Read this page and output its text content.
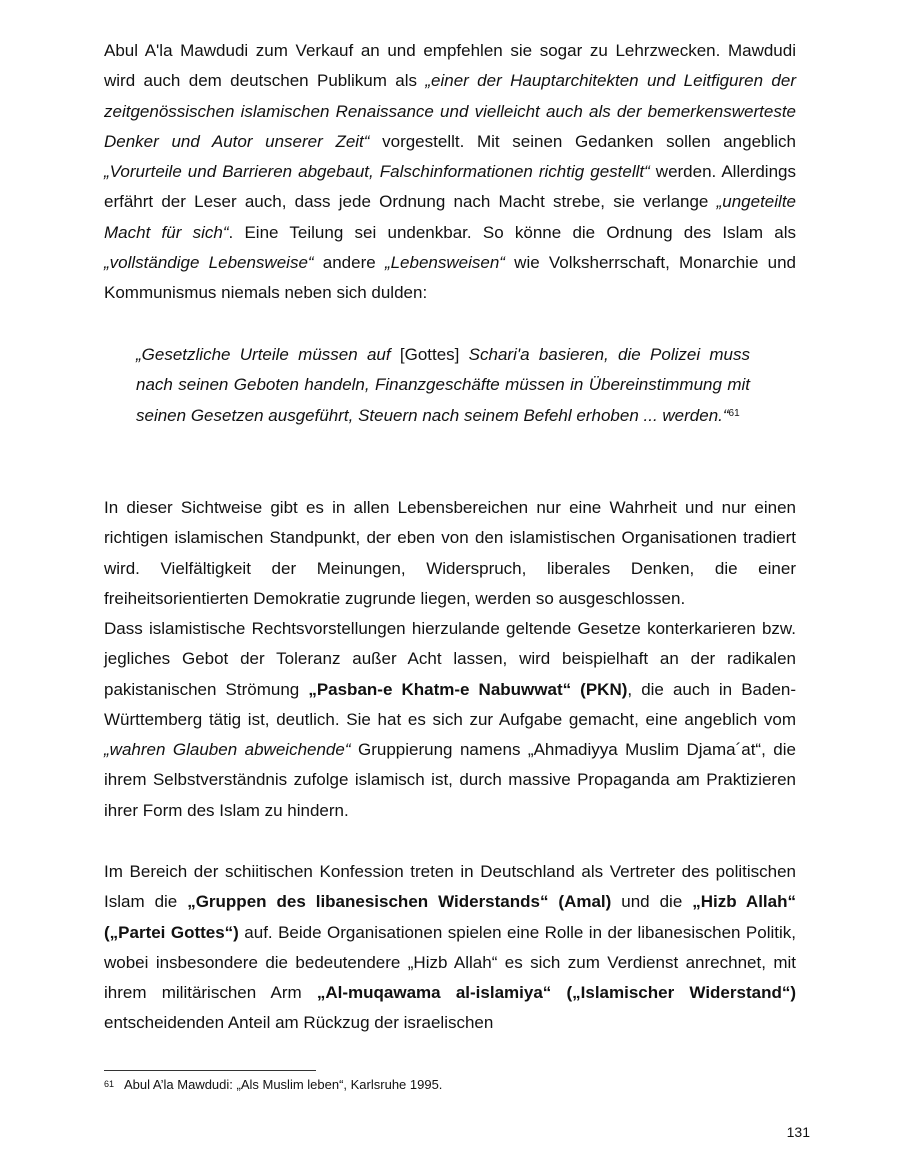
Abul A'la Mawdudi zum Verkauf an und empfehlen sie sogar zu Lehrzwecken. Mawdudi wird auch dem deutschen Publikum als „einer der Hauptarchitekten und Leitfiguren der zeitgenössischen islamischen Renaissance und vielleicht auch als der bemerkenswerteste Denker und Autor unserer Zeit“ vorgestellt. Mit seinen Gedanken sollen angeblich „Vorurteile und Barrieren abgebaut, Falschinformationen richtig gestellt“ werden. Allerdings erfährt der Leser auch, dass jede Ordnung nach Macht strebe, sie verlange „ungeteilte Macht für sich“. Eine Teilung sei undenkbar. So könne die Ordnung des Islam als „vollständige Lebensweise“ andere „Lebensweisen“ wie Volksherrschaft, Monarchie und Kommunismus niemals neben sich dulden:

„Gesetzliche Urteile müssen auf [Gottes] Schari'a basieren, die Polizei muss nach seinen Geboten handeln, Finanzgeschäfte müssen in Übereinstimmung mit seinen Gesetzen ausgeführt, Steuern nach seinem Befehl erhoben ... werden.“$^{61}$

In dieser Sichtweise gibt es in allen Lebensbereichen nur eine Wahrheit und nur einen richtigen islamischen Standpunkt, der eben von den islamistischen Organisationen tradiert wird. Vielfältigkeit der Meinungen, Widerspruch, liberales Denken, die einer freiheitsorientierten Demokratie zugrunde liegen, werden so ausgeschlossen.

Dass islamistische Rechtsvorstellungen hierzulande geltende Gesetze konterkarieren bzw. jegliches Gebot der Toleranz außer Acht lassen, wird beispielhaft an der radikalen pakistanischen Strömung „Pasban-e Khatm-e Nabuwwat“ (PKN), die auch in Baden-Württemberg tätig ist, deutlich. Sie hat es sich zur Aufgabe gemacht, eine angeblich vom „wahren Glauben abweichende“ Gruppierung namens „Ahmadiyya Muslim Djama´at“, die ihrem Selbstverständnis zufolge islamisch ist, durch massive Propaganda am Praktizieren ihrer Form des Islam zu hindern.

Im Bereich der schiitischen Konfession treten in Deutschland als Vertreter des politischen Islam die „Gruppen des libanesischen Widerstands“ (Amal) und die „Hizb Allah“ („Partei Gottes“) auf. Beide Organisationen spielen eine Rolle in der libanesischen Politik, wobei insbesondere die bedeutendere „Hizb Allah“ es sich zum Verdienst anrechnet, mit ihrem militärischen Arm „Al-muqawama al-islamiya“ („Islamischer Widerstand“) entscheidenden Anteil am Rückzug der israelischen

$^{61}$ Abul A’la Mawdudi: „Als Muslim leben“, Karlsruhe 1995.

131
